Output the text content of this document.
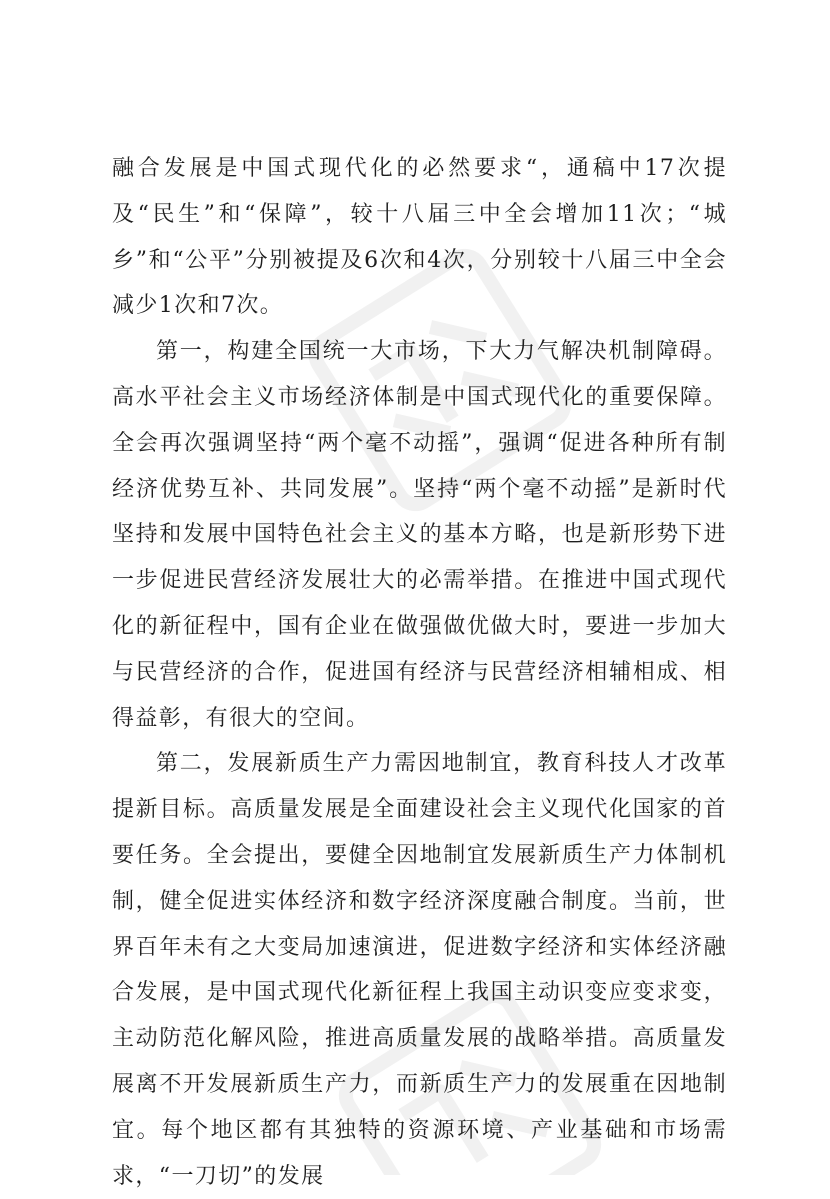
融合发展是中国式现代化的必然要求“，通稿中17次提及“民生”和“保障”，较十八届三中全会增加11次；“城乡”和“公平”分别被提及6次和4次，分别较十八届三中全会减少1次和7次。

第一，构建全国统一大市场，下大力气解决机制障碍。高水平社会主义市场经济体制是中国式现代化的重要保障。全会再次强调坚持“两个毫不动摇”，强调“促进各种所有制经济优势互补、共同发展”。坚持“两个毫不动摇”是新时代坚持和发展中国特色社会主义的基本方略，也是新形势下进一步促进民营经济发展壮大的必需举措。在推进中国式现代化的新征程中，国有企业在做强做优做大时，要进一步加大与民营经济的合作，促进国有经济与民营经济相辅相成、相得益彰，有很大的空间。

第二，发展新质生产力需因地制宜，教育科技人才改革提新目标。高质量发展是全面建设社会主义现代化国家的首要任务。全会提出，要健全因地制宜发展新质生产力体制机制，健全促进实体经济和数字经济深度融合制度。当前，世界百年未有之大变局加速演进，促进数字经济和实体经济融合发展，是中国式现代化新征程上我国主动识变应变求变，主动防范化解风险，推进高质量发展的战略举措。高质量发展离不开发展新质生产力，而新质生产力的发展重在因地制宜。每个地区都有其独特的资源环境、产业基础和市场需求，“一刀切”的发展
